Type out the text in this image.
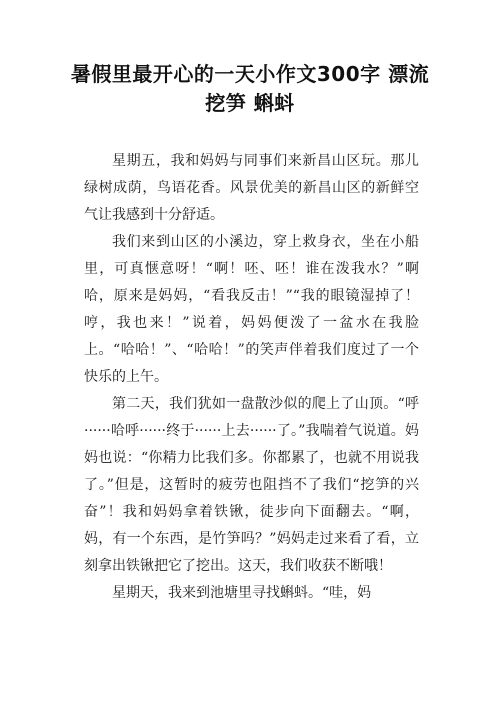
暑假里最开心的一天小作文300字 漂流 挖笋 蝌蚪

星期五，我和妈妈与同事们来新昌山区玩。那儿绿树成荫，鸟语花香。风景优美的新昌山区的新鲜空气让我感到十分舒适。

我们来到山区的小溪边，穿上救身衣，坐在小船里，可真惬意呀！“啊！呸、呸！谁在泼我水？”啊哈，原来是妈妈，“看我反击！”“我的眼镜湿掉了！哼，我也来！”说着，妈妈便泼了一盆水在我脸上。“哈哈！”、“哈哈！”的笑声伴着我们度过了一个快乐的上午。

第二天，我们犹如一盘散沙似的爬上了山顶。“呼······哈呼······终于······上去······了。”我喘着气说道。妈妈也说：“你精力比我们多。你都累了，也就不用说我了。”但是，这暂时的疲劳也阻挡不了我们“挖笋的兴奋”！我和妈妈拿着铁锹，徒步向下面翻去。“啊，妈，有一个东西，是竹笋吗？”妈妈走过来看了看，立刻拿出铁锹把它了挖出。这天，我们收获不断哦！

星期天，我来到池塘里寻找蝌蚪。“哇，妈
